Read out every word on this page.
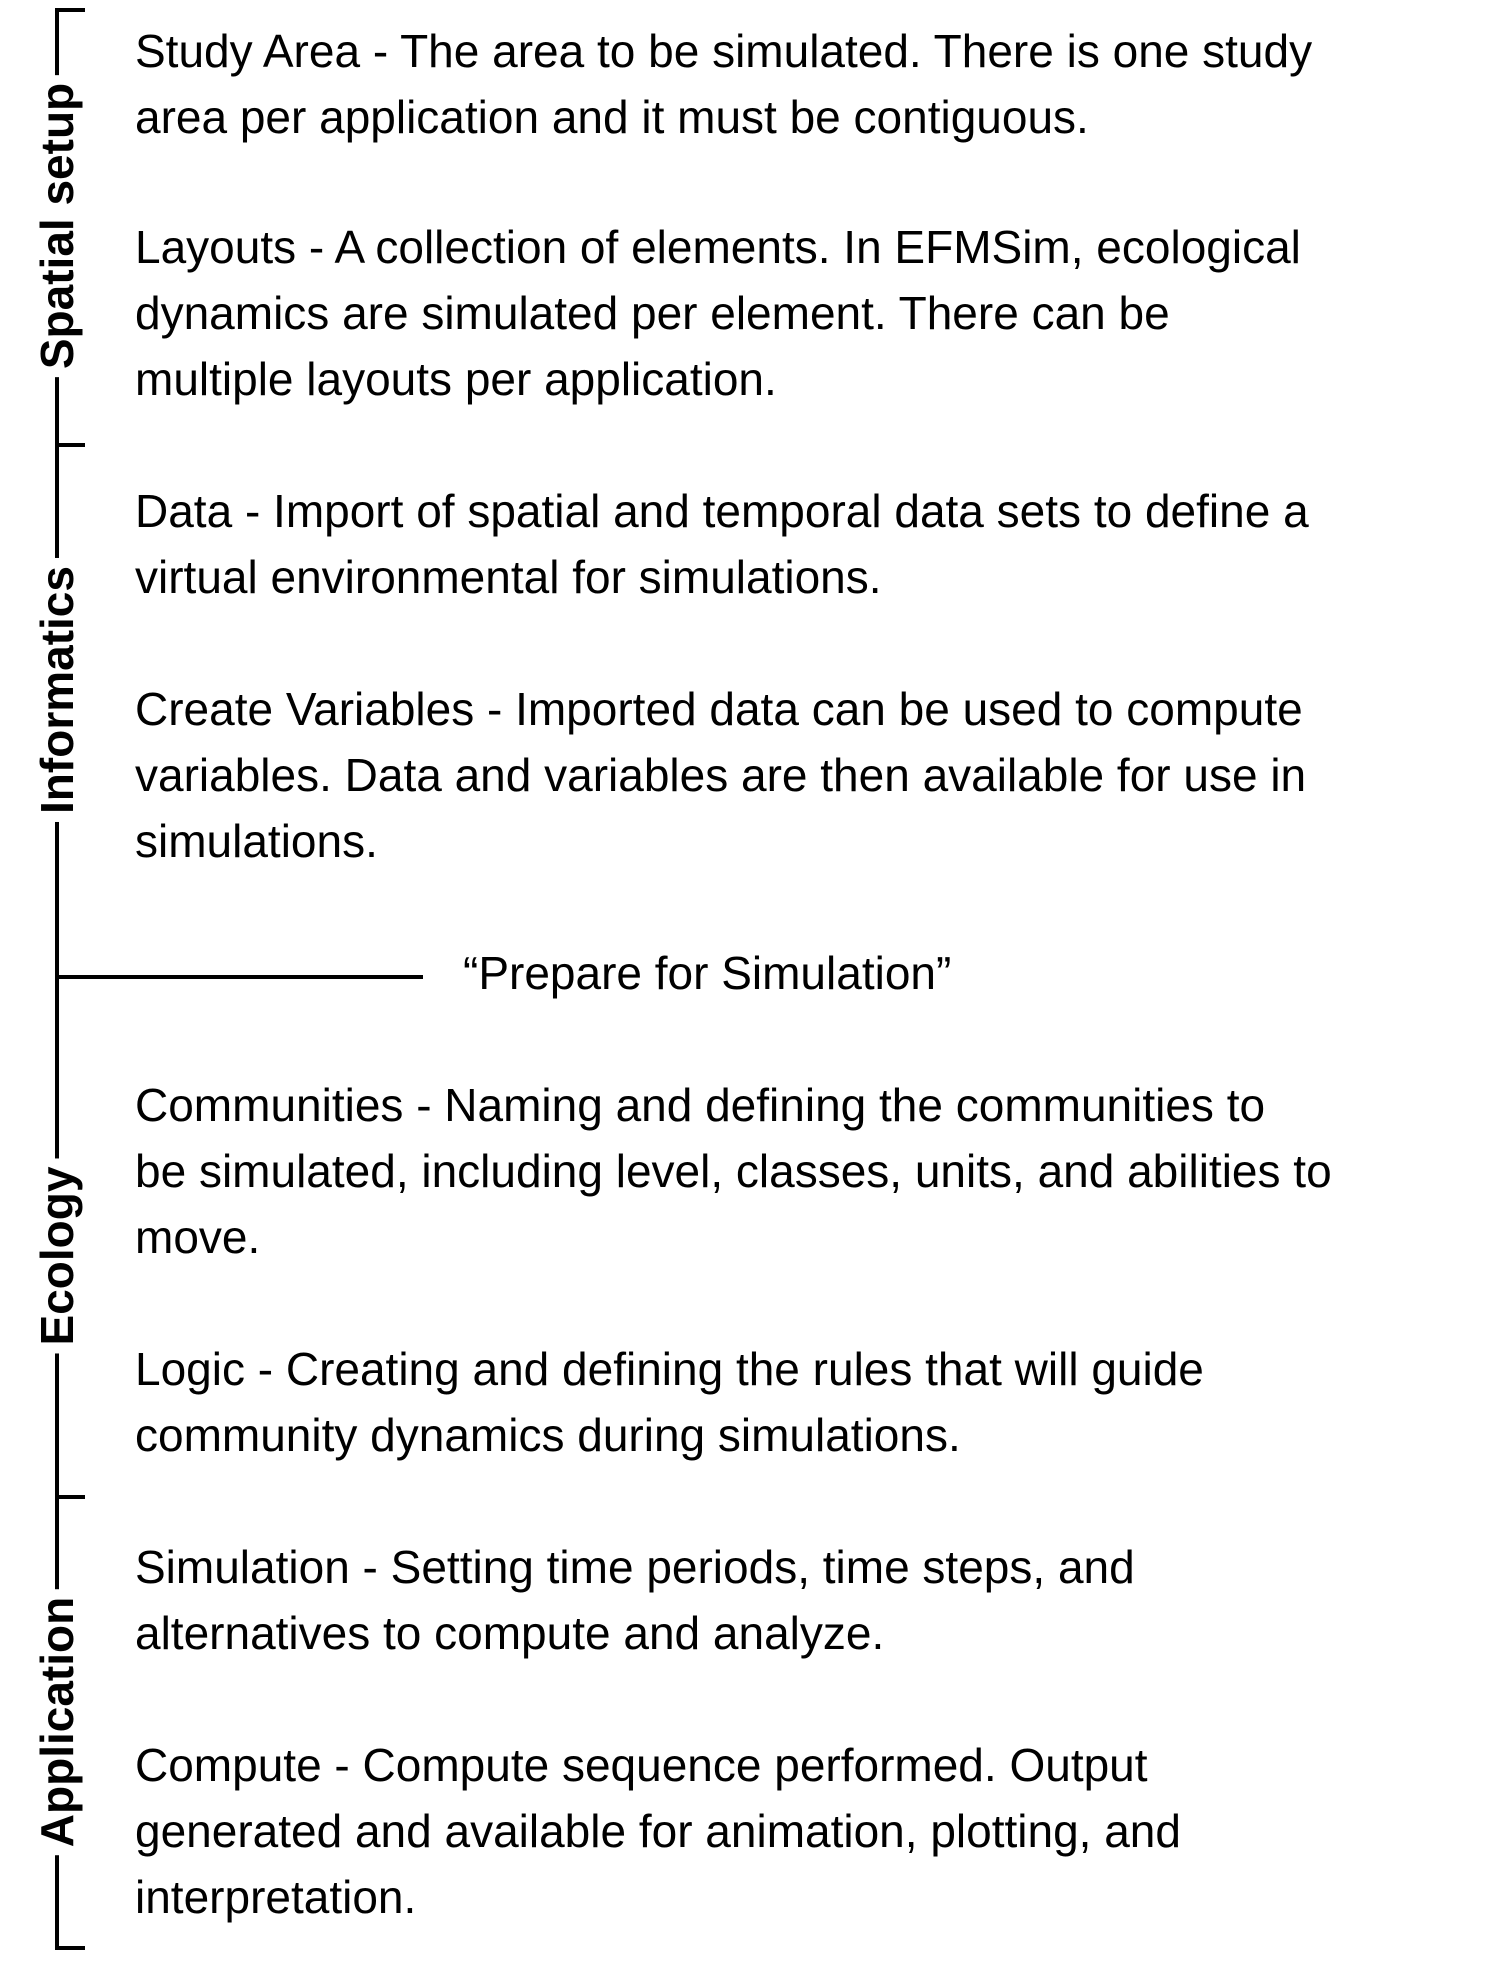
“Prepare for Simulation”
Spatial setup
Informatics
Ecology
Application

Study Area - The area to be simulated. There is one study
area per application and it must be contiguous.

Layouts - A collection of elements. In EFMSim, ecological
dynamics are simulated per element. There can be
multiple layouts per application.

Data - Import of spatial and temporal data sets to define a
virtual environmental for simulations.

Create Variables - Imported data can be used to compute
variables. Data and variables are then available for use in
simulations.

Communities - Naming and defining the communities to
be simulated, including level, classes, units, and abilities to
move.

Logic - Creating and defining the rules that will guide
community dynamics during simulations.

Simulation - Setting time periods, time steps, and
alternatives to compute and analyze.

Compute - Compute sequence performed. Output
generated and available for animation, plotting, and
interpretation.
